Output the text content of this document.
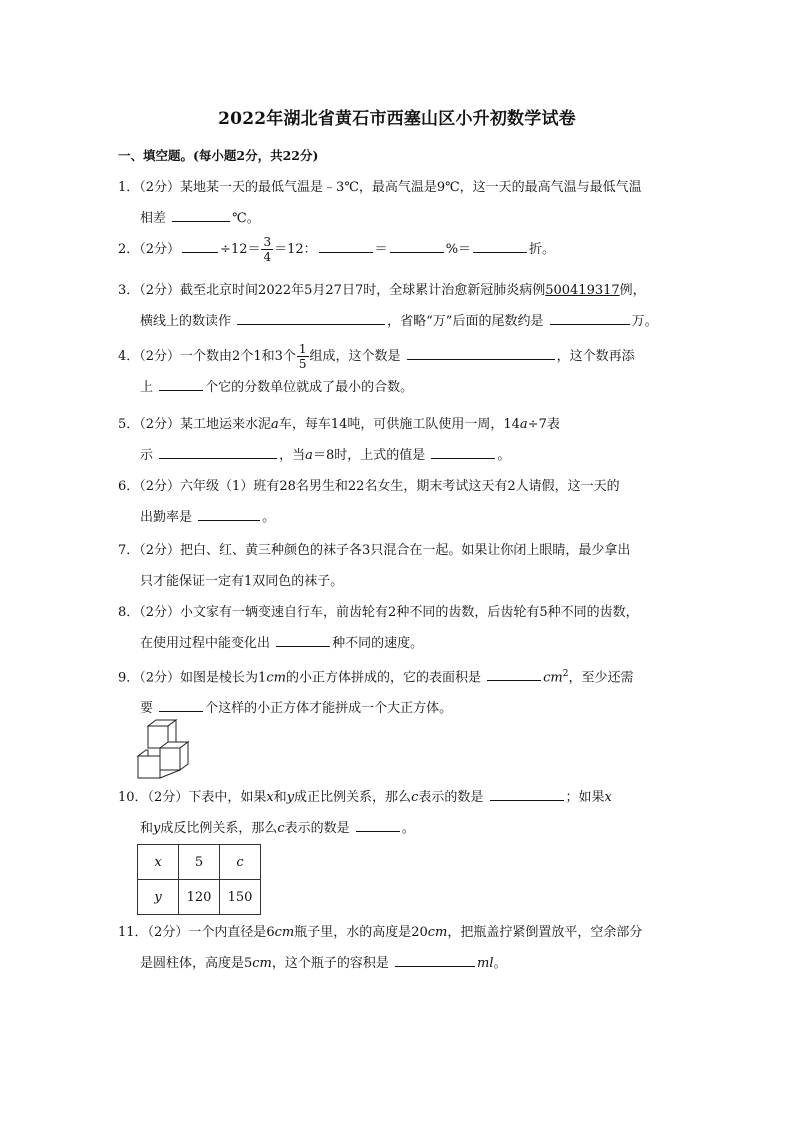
2022年湖北省黄石市西塞山区小升初数学试卷
一、填空题。(每小题2分，共22分)
1．（2分）某地某一天的最低气温是﹣3℃，最高气温是9℃，这一天的最高气温与最低气温
相差	℃。
2．（2分）	$\div 12= \frac{3}{4} =12$：	＝	%＝	折。
3．（2分）截至北京时间2022年5月27日7时，全球累计治愈新冠肺炎病例500419317例，
横线上的数读作	，省略“万”后面的尾数约是	万。
4．（2分）一个数由2个1和3个 $\frac{1}{5}$ 组成，这个数是	，这个数再添
上	个它的分数单位就成了最小的合数。
5．（2分）某工地运来水泥a车，每车14吨，可供施工队使用一周，14a÷7表
示	，当a＝8时，上式的值是	。
6．（2分）六年级（1）班有28名男生和22名女生，期末考试这天有2人请假，这一天的
出勤率是	。
7．（2分）把白、红、黄三种颜色的袜子各3只混合在一起。如果让你闭上眼睛，最少拿出
只才能保证一定有1双同色的袜子。
8．（2分）小文家有一辆变速自行车，前齿轮有2种不同的齿数，后齿轮有5种不同的齿数，
在使用过程中能变化出	种不同的速度。
9．（2分）如图是棱长为1cm的小正方体拼成的，它的表面积是	$cm^2$，至少还需
要	个这样的小正方体才能拼成一个大正方体。
10．（2分）下表中，如果x和y成正比例关系，那么c表示的数是	；如果x
和y成反比例关系，那么c表示的数是	。
x	5	c
y	120	150
11．（2分）一个内直径是6cm瓶子里，水的高度是20cm，把瓶盖拧紧倒置放平，空余部分
是圆柱体，高度是5cm，这个瓶子的容积是	ml。
